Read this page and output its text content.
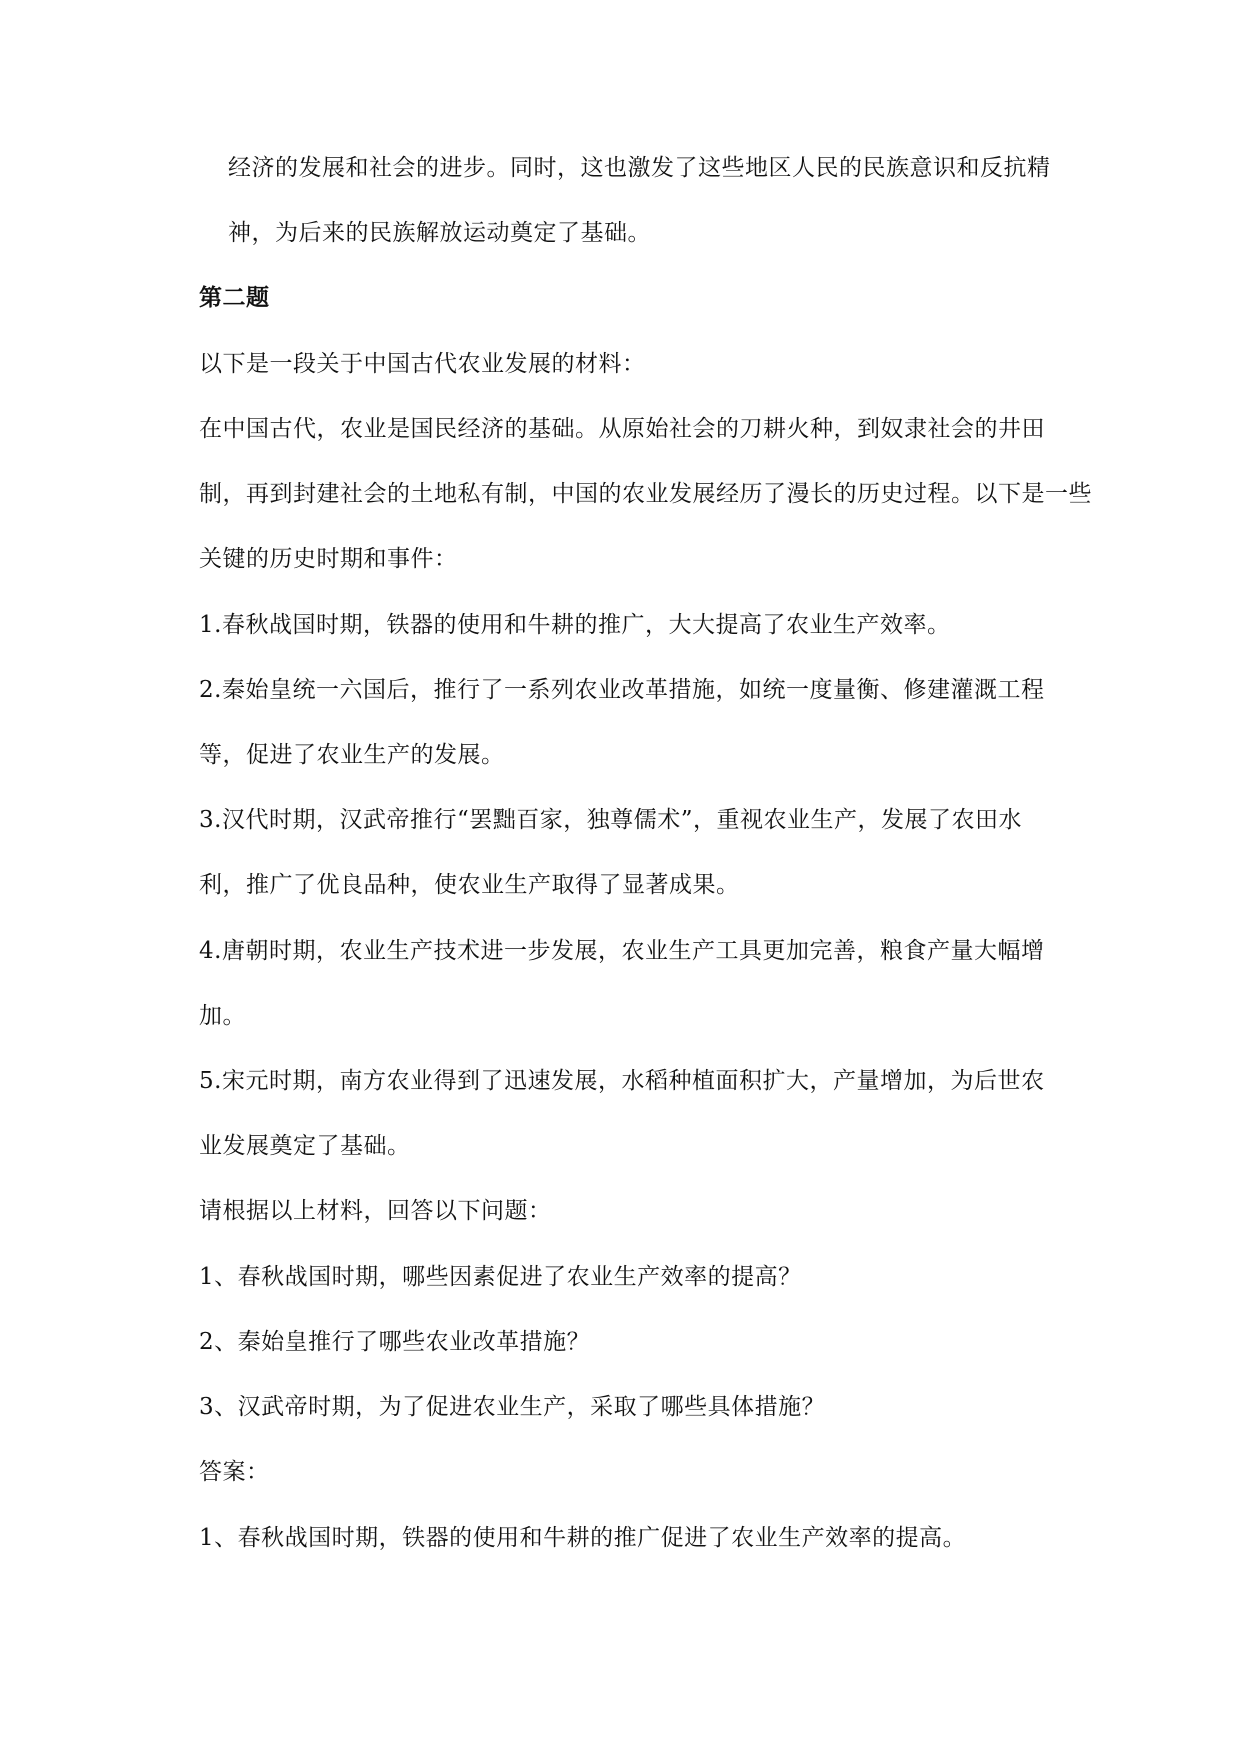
经济的发展和社会的进步。同时，这也激发了这些地区人民的民族意识和反抗精
神，为后来的民族解放运动奠定了基础。
第二题
以下是一段关于中国古代农业发展的材料：
在中国古代，农业是国民经济的基础。从原始社会的刀耕火种，到奴隶社会的井田
制，再到封建社会的土地私有制，中国的农业发展经历了漫长的历史过程。以下是一些
关键的历史时期和事件：
1.春秋战国时期，铁器的使用和牛耕的推广，大大提高了农业生产效率。
2.秦始皇统一六国后，推行了一系列农业改革措施，如统一度量衡、修建灌溉工程
等，促进了农业生产的发展。
3.汉代时期，汉武帝推行“罢黜百家，独尊儒术”，重视农业生产，发展了农田水
利，推广了优良品种，使农业生产取得了显著成果。
4.唐朝时期，农业生产技术进一步发展，农业生产工具更加完善，粮食产量大幅增
加。
5.宋元时期，南方农业得到了迅速发展，水稻种植面积扩大，产量增加，为后世农
业发展奠定了基础。
请根据以上材料，回答以下问题：
1、春秋战国时期，哪些因素促进了农业生产效率的提高？
2、秦始皇推行了哪些农业改革措施？
3、汉武帝时期，为了促进农业生产，采取了哪些具体措施？
答案：
1、春秋战国时期，铁器的使用和牛耕的推广促进了农业生产效率的提高。
